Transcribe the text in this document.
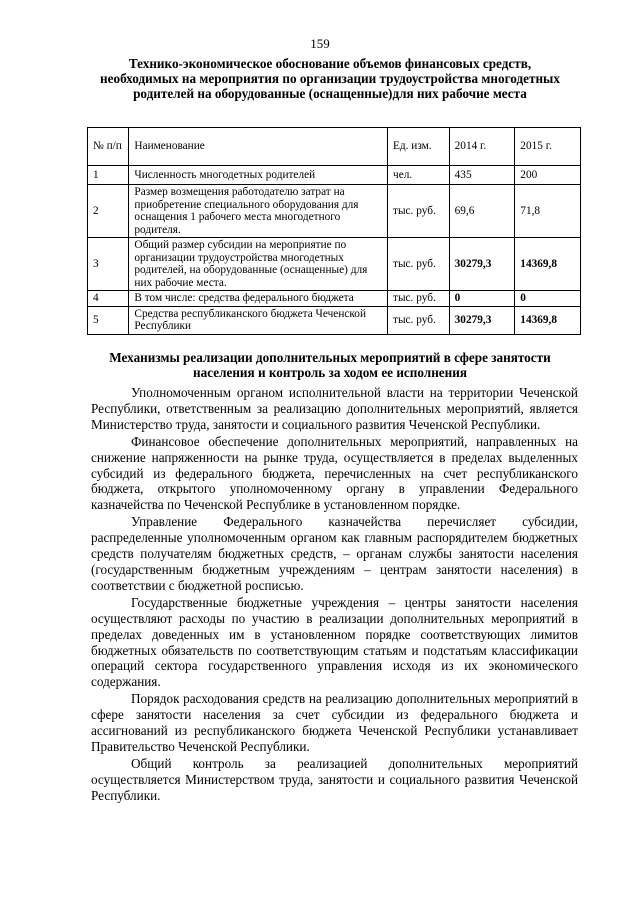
159
Технико-экономическое обоснование объемов финансовых средств, необходимых на мероприятия по организации трудоустройства многодетных родителей на оборудованные (оснащенные)для них рабочие места
№ п/п	Наименование	Ед. изм.	2014 г.	2015 г.
1	Численность многодетных родителей	чел.	435	200
2	Размер возмещения работодателю затрат на приобретение специального оборудования для оснащения 1 рабочего места многодетного родителя.	тыс. руб.	69,6	71,8
3	Общий размер субсидии на мероприятие по организации трудоустройства многодетных родителей, на оборудованные (оснащенные) для них рабочие места.	тыс. руб.	30279,3	14369,8
4	В том числе: средства федерального бюджета	тыс. руб.	0	0
5	Средства республиканского бюджета Чеченской Республики	тыс. руб.	30279,3	14369,8
Механизмы реализации дополнительных мероприятий в сфере занятости населения и контроль за ходом ее исполнения

Уполномоченным органом исполнительной власти на территории Чеченской Республики, ответственным за реализацию дополнительных мероприятий, является Министерство труда, занятости и социального развития Чеченской Республики.

Финансовое обеспечение дополнительных мероприятий, направленных на снижение напряженности на рынке труда, осуществляется в пределах выделенных субсидий из федерального бюджета, перечисленных на счет республиканского бюджета, открытого уполномоченному органу в управлении Федерального казначейства по Чеченской Республике в установленном порядке.

Управление Федерального казначейства перечисляет субсидии, распределенные уполномоченным органом как главным распорядителем бюджетных средств получателям бюджетных средств, – органам службы занятости населения (государственным бюджетным учреждениям – центрам занятости населения) в соответствии с бюджетной росписью.

Государственные бюджетные учреждения – центры занятости населения осуществляют расходы по участию в реализации дополнительных мероприятий в пределах доведенных им в установленном порядке соответствующих лимитов бюджетных обязательств по соответствующим статьям и подстатьям классификации операций сектора государственного управления исходя из их экономического содержания.

Порядок расходования средств на реализацию дополнительных мероприятий в сфере занятости населения за счет субсидии из федерального бюджета и ассигнований из республиканского бюджета Чеченской Республики устанавливает Правительство Чеченской Республики.

Общий контроль за реализацией дополнительных мероприятий осуществляется Министерством труда, занятости и социального развития Чеченской Республики.
